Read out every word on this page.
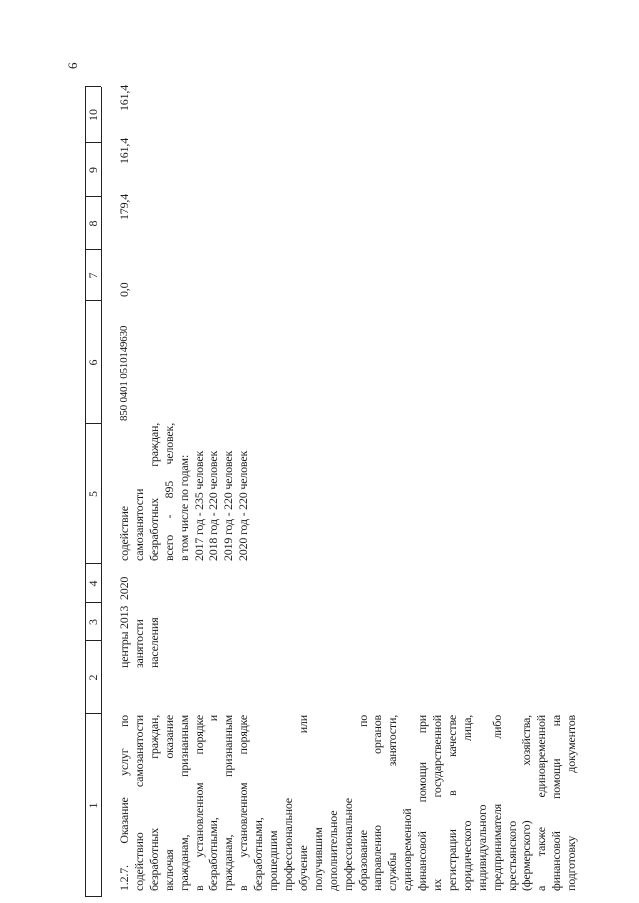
6
1
2
3
4
5
6
7
8
9
10
1.2.7. Оказание услуг по содействию самозанятости безработных граждан, включая оказание гражданам, признанным в установленном порядке безработными, и гражданам, признанным в установленном порядке безработными, прошедшим профессиональное обучение или получившим дополнительное профессиональное образование по направлению органов службы занятости, единовременной финансовой помощи при их государственной регистрации в качестве юридического лица, индивидуального предпринимателя либо крестьянского (фермерского) хозяйства, а также единовременной финансовой помощи на подготовку документов
центры занятости населения
2013
2020
содействие самозанятости безработных граждан, всего - 895 человек, в том числе по годам: 2017 год - 235 человек 2018 год - 220 человек 2019 год - 220 человек 2020 год - 220 человек
850 0401 0510149630
0,0
179,4
161,4
161,4
